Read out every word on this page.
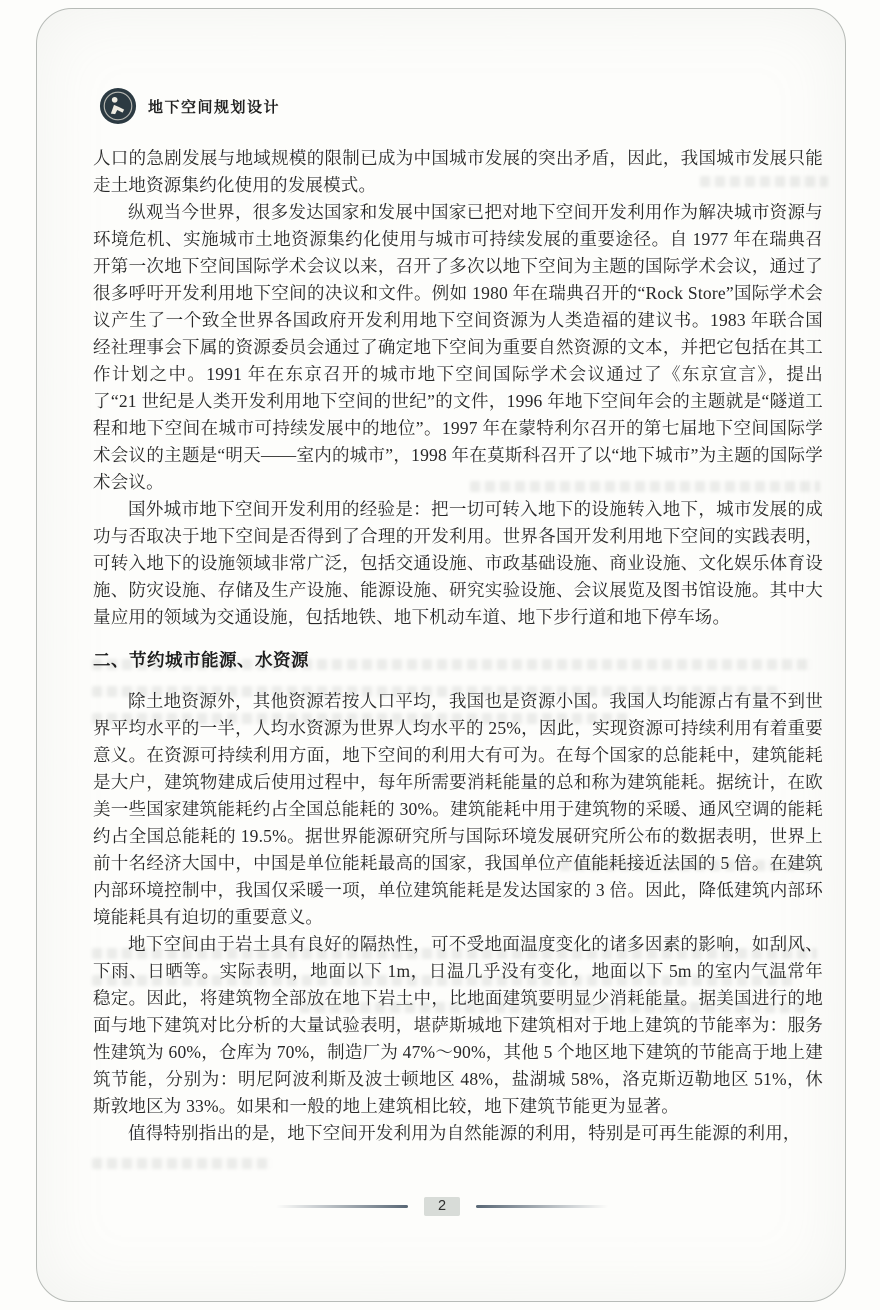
地下空间规划设计

人口的急剧发展与地域规模的限制已成为中国城市发展的突出矛盾，因此，我国城市发展只能走土地资源集约化使用的发展模式。

纵观当今世界，很多发达国家和发展中国家已把对地下空间开发利用作为解决城市资源与环境危机、实施城市土地资源集约化使用与城市可持续发展的重要途径。自 1977 年在瑞典召开第一次地下空间国际学术会议以来，召开了多次以地下空间为主题的国际学术会议，通过了很多呼吁开发利用地下空间的决议和文件。例如 1980 年在瑞典召开的“Rock Store”国际学术会议产生了一个致全世界各国政府开发利用地下空间资源为人类造福的建议书。1983 年联合国经社理事会下属的资源委员会通过了确定地下空间为重要自然资源的文本，并把它包括在其工作计划之中。1991 年在东京召开的城市地下空间国际学术会议通过了《东京宣言》，提出了“21 世纪是人类开发利用地下空间的世纪”的文件，1996 年地下空间年会的主题就是“隧道工程和地下空间在城市可持续发展中的地位”。1997 年在蒙特利尔召开的第七届地下空间国际学术会议的主题是“明天——室内的城市”，1998 年在莫斯科召开了以“地下城市”为主题的国际学术会议。

国外城市地下空间开发利用的经验是：把一切可转入地下的设施转入地下，城市发展的成功与否取决于地下空间是否得到了合理的开发利用。世界各国开发利用地下空间的实践表明，可转入地下的设施领域非常广泛，包括交通设施、市政基础设施、商业设施、文化娱乐体育设施、防灾设施、存储及生产设施、能源设施、研究实验设施、会议展览及图书馆设施。其中大量应用的领域为交通设施，包括地铁、地下机动车道、地下步行道和地下停车场。

二、节约城市能源、水资源

除土地资源外，其他资源若按人口平均，我国也是资源小国。我国人均能源占有量不到世界平均水平的一半，人均水资源为世界人均水平的 25%，因此，实现资源可持续利用有着重要意义。在资源可持续利用方面，地下空间的利用大有可为。在每个国家的总能耗中，建筑能耗是大户，建筑物建成后使用过程中，每年所需要消耗能量的总和称为建筑能耗。据统计，在欧美一些国家建筑能耗约占全国总能耗的 30%。建筑能耗中用于建筑物的采暖、通风空调的能耗约占全国总能耗的 19.5%。据世界能源研究所与国际环境发展研究所公布的数据表明，世界上前十名经济大国中，中国是单位能耗最高的国家，我国单位产值能耗接近法国的 5 倍。在建筑内部环境控制中，我国仅采暖一项，单位建筑能耗是发达国家的 3 倍。因此，降低建筑内部环境能耗具有迫切的重要意义。

地下空间由于岩土具有良好的隔热性，可不受地面温度变化的诸多因素的影响，如刮风、下雨、日晒等。实际表明，地面以下 1m，日温几乎没有变化，地面以下 5m 的室内气温常年稳定。因此，将建筑物全部放在地下岩土中，比地面建筑要明显少消耗能量。据美国进行的地面与地下建筑对比分析的大量试验表明，堪萨斯城地下建筑相对于地上建筑的节能率为：服务性建筑为 60%，仓库为 70%，制造厂为 47%～90%，其他 5 个地区地下建筑的节能高于地上建筑节能，分别为：明尼阿波利斯及波士顿地区 48%，盐湖城 58%，洛克斯迈勒地区 51%，休斯敦地区为 33%。如果和一般的地上建筑相比较，地下建筑节能更为显著。

值得特别指出的是，地下空间开发利用为自然能源的利用，特别是可再生能源的利用，

2
